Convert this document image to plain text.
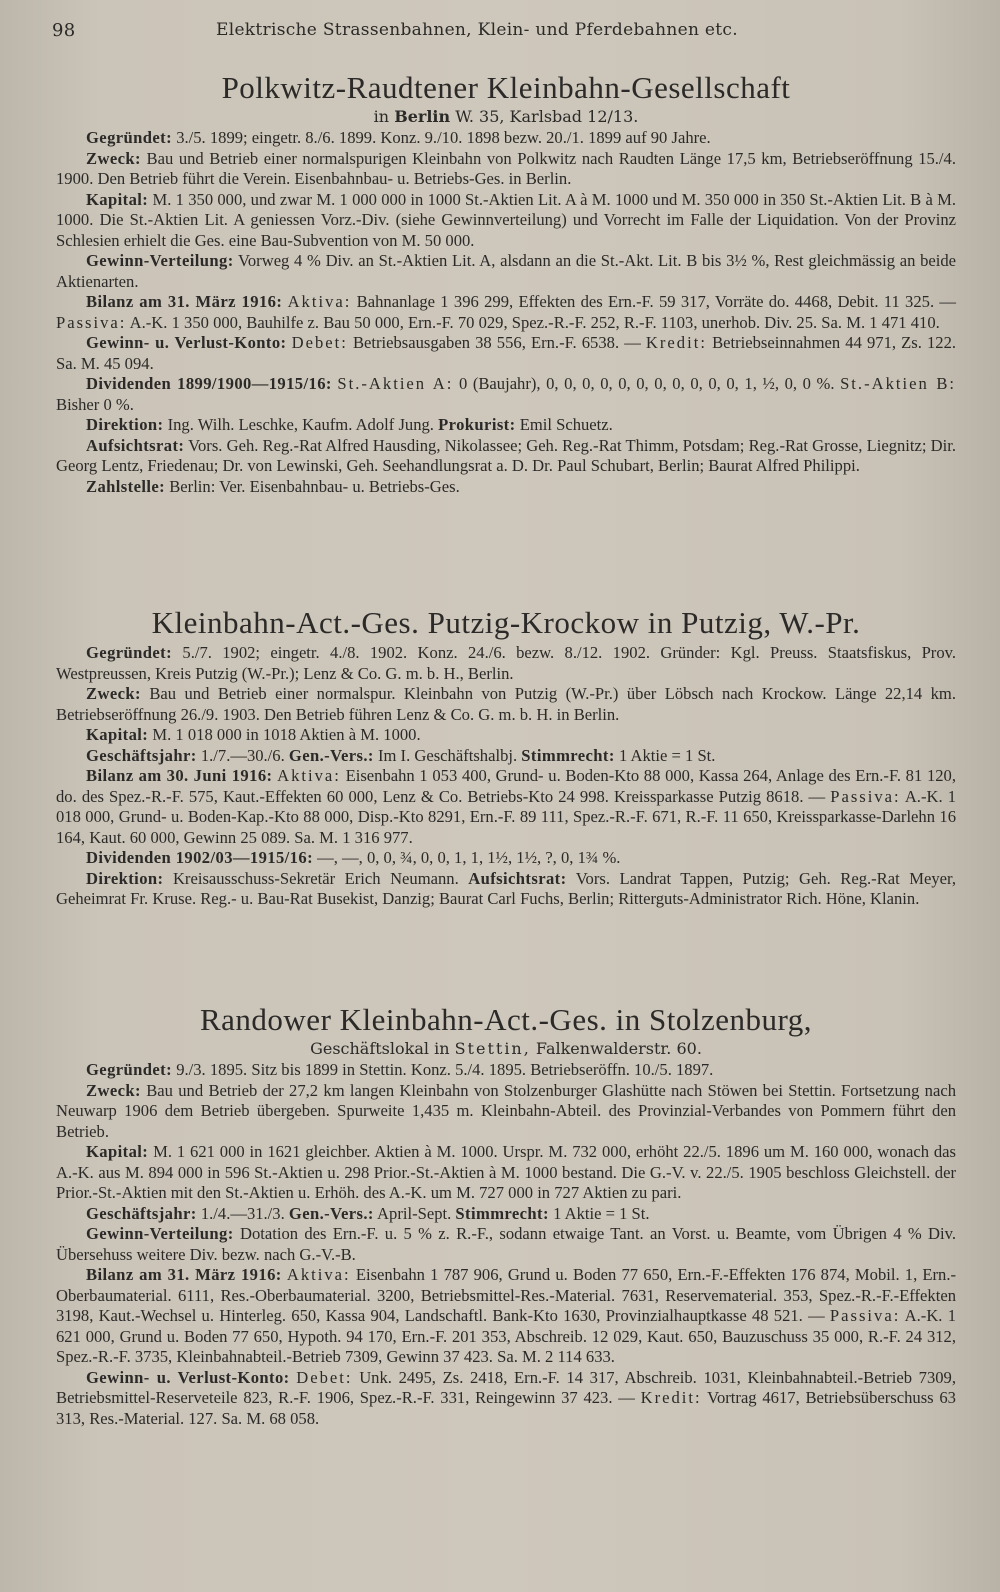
98	Elektrische Strassenbahnen, Klein- und Pferdebahnen etc.
Polkwitz-Raudtener Kleinbahn-Gesellschaft
in Berlin W. 35, Karlsbad 12/13.

Gegründet: 3./5. 1899; eingetr. 8./6. 1899. Konz. 9./10. 1898 bezw. 20./1. 1899 auf 90 Jahre.

Zweck: Bau und Betrieb einer normalspurigen Kleinbahn von Polkwitz nach Raudten Länge 17,5 km, Betriebseröffnung 15./4. 1900. Den Betrieb führt die Verein. Eisenbahnbau- u. Betriebs-Ges. in Berlin.

Kapital: M. 1 350 000, und zwar M. 1 000 000 in 1000 St.-Aktien Lit. A à M. 1000 und M. 350 000 in 350 St.-Aktien Lit. B à M. 1000. Die St.-Aktien Lit. A geniessen Vorz.-Div. (siehe Gewinnverteilung) und Vorrecht im Falle der Liquidation. Von der Provinz Schlesien erhielt die Ges. eine Bau-Subvention von M. 50 000.

Gewinn-Verteilung: Vorweg 4 % Div. an St.-Aktien Lit. A, alsdann an die St.-Akt. Lit. B bis 3½ %, Rest gleichmässig an beide Aktienarten.

Bilanz am 31. März 1916: Aktiva: Bahnanlage 1 396 299, Effekten des Ern.-F. 59 317, Vorräte do. 4468, Debit. 11 325. — Passiva: A.-K. 1 350 000, Bauhilfe z. Bau 50 000, Ern.-F. 70 029, Spez.-R.-F. 252, R.-F. 1103, unerhob. Div. 25. Sa. M. 1 471 410.

Gewinn- u. Verlust-Konto: Debet: Betriebsausgaben 38 556, Ern.-F. 6538. — Kredit: Betriebseinnahmen 44 971, Zs. 122. Sa. M. 45 094.

Dividenden 1899/1900—1915/16: St.-Aktien A: 0 (Baujahr), 0, 0, 0, 0, 0, 0, 0, 0, 0, 0, 0, 1, ½, 0, 0 %. St.-Aktien B: Bisher 0 %.

Direktion: Ing. Wilh. Leschke, Kaufm. Adolf Jung. Prokurist: Emil Schuetz.

Aufsichtsrat: Vors. Geh. Reg.-Rat Alfred Hausding, Nikolassee; Geh. Reg.-Rat Thimm, Potsdam; Reg.-Rat Grosse, Liegnitz; Dir. Georg Lentz, Friedenau; Dr. von Lewinski, Geh. Seehandlungsrat a. D. Dr. Paul Schubart, Berlin; Baurat Alfred Philippi.

Zahlstelle: Berlin: Ver. Eisenbahnbau- u. Betriebs-Ges.

Kleinbahn-Act.-Ges. Putzig-Krockow in Putzig, W.-Pr.

Gegründet: 5./7. 1902; eingetr. 4./8. 1902. Konz. 24./6. bezw. 8./12. 1902. Gründer: Kgl. Preuss. Staatsfiskus, Prov. Westpreussen, Kreis Putzig (W.-Pr.); Lenz & Co. G. m. b. H., Berlin.

Zweck: Bau und Betrieb einer normalspur. Kleinbahn von Putzig (W.-Pr.) über Löbsch nach Krockow. Länge 22,14 km. Betriebseröffnung 26./9. 1903. Den Betrieb führen Lenz & Co. G. m. b. H. in Berlin.

Kapital: M. 1 018 000 in 1018 Aktien à M. 1000.

Geschäftsjahr: 1./7.—30./6. Gen.-Vers.: Im I. Geschäftshalbj. Stimmrecht: 1 Aktie = 1 St.

Bilanz am 30. Juni 1916: Aktiva: Eisenbahn 1 053 400, Grund- u. Boden-Kto 88 000, Kassa 264, Anlage des Ern.-F. 81 120, do. des Spez.-R.-F. 575, Kaut.-Effekten 60 000, Lenz & Co. Betriebs-Kto 24 998. Kreissparkasse Putzig 8618. — Passiva: A.-K. 1 018 000, Grund- u. Boden-Kap.-Kto 88 000, Disp.-Kto 8291, Ern.-F. 89 111, Spez.-R.-F. 671, R.-F. 11 650, Kreissparkasse-Darlehn 16 164, Kaut. 60 000, Gewinn 25 089. Sa. M. 1 316 977.

Dividenden 1902/03—1915/16: —, —, 0, 0, ¾, 0, 0, 1, 1, 1½, 1½, ?, 0, 1¾ %.

Direktion: Kreisausschuss-Sekretär Erich Neumann. Aufsichtsrat: Vors. Landrat Tappen, Putzig; Geh. Reg.-Rat Meyer, Geheimrat Fr. Kruse. Reg.- u. Bau-Rat Busekist, Danzig; Baurat Carl Fuchs, Berlin; Ritterguts-Administrator Rich. Höne, Klanin.

Randower Kleinbahn-Act.-Ges. in Stolzenburg,
Geschäftslokal in Stettin, Falkenwalderstr. 60.

Gegründet: 9./3. 1895. Sitz bis 1899 in Stettin. Konz. 5./4. 1895. Betriebseröffn. 10./5. 1897.

Zweck: Bau und Betrieb der 27,2 km langen Kleinbahn von Stolzenburger Glashütte nach Stöwen bei Stettin. Fortsetzung nach Neuwarp 1906 dem Betrieb übergeben. Spurweite 1,435 m. Kleinbahn-Abteil. des Provinzial-Verbandes von Pommern führt den Betrieb.

Kapital: M. 1 621 000 in 1621 gleichber. Aktien à M. 1000. Urspr. M. 732 000, erhöht 22./5. 1896 um M. 160 000, wonach das A.-K. aus M. 894 000 in 596 St.-Aktien u. 298 Prior.-St.-Aktien à M. 1000 bestand. Die G.-V. v. 22./5. 1905 beschloss Gleichstell. der Prior.-St.-Aktien mit den St.-Aktien u. Erhöh. des A.-K. um M. 727 000 in 727 Aktien zu pari.

Geschäftsjahr: 1./4.—31./3. Gen.-Vers.: April-Sept. Stimmrecht: 1 Aktie = 1 St.

Gewinn-Verteilung: Dotation des Ern.-F. u. 5 % z. R.-F., sodann etwaige Tant. an Vorst. u. Beamte, vom Übrigen 4 % Div. Übersehuss weitere Div. bezw. nach G.-V.-B.

Bilanz am 31. März 1916: Aktiva: Eisenbahn 1 787 906, Grund u. Boden 77 650, Ern.-F.-Effekten 176 874, Mobil. 1, Ern.-Oberbaumaterial. 6111, Res.-Oberbaumaterial. 3200, Betriebsmittel-Res.-Material. 7631, Reservematerial. 353, Spez.-R.-F.-Effekten 3198, Kaut.-Wechsel u. Hinterleg. 650, Kassa 904, Landschaftl. Bank-Kto 1630, Provinzialhauptkasse 48 521. — Passiva: A.-K. 1 621 000, Grund u. Boden 77 650, Hypoth. 94 170, Ern.-F. 201 353, Abschreib. 12 029, Kaut. 650, Bauzuschuss 35 000, R.-F. 24 312, Spez.-R.-F. 3735, Kleinbahnabteil.-Betrieb 7309, Gewinn 37 423. Sa. M. 2 114 633.

Gewinn- u. Verlust-Konto: Debet: Unk. 2495, Zs. 2418, Ern.-F. 14 317, Abschreib. 1031, Kleinbahnabteil.-Betrieb 7309, Betriebsmittel-Reserveteile 823, R.-F. 1906, Spez.-R.-F. 331, Reingewinn 37 423. — Kredit: Vortrag 4617, Betriebsüberschuss 63 313, Res.-Material. 127. Sa. M. 68 058.
